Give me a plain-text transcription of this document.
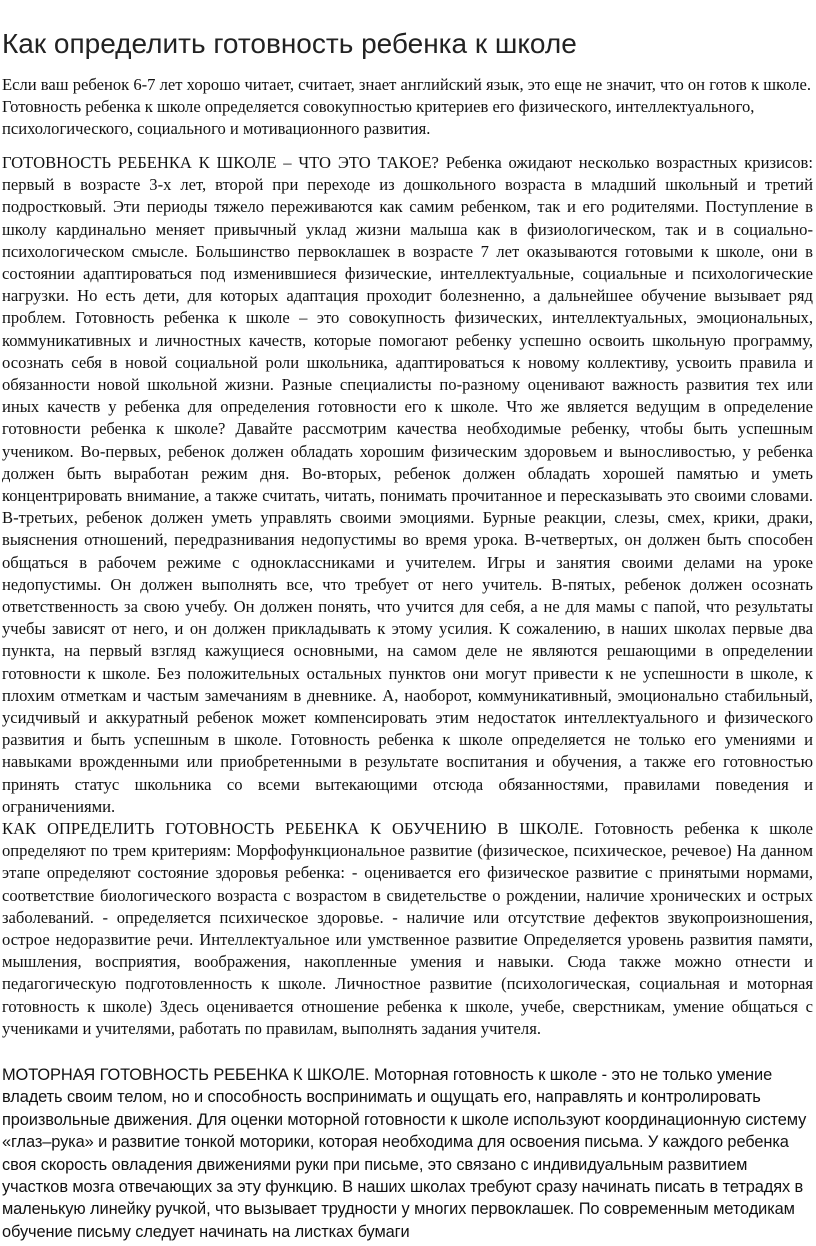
Как определить готовность ребенка к школе

Если ваш ребенок 6-7 лет хорошо читает, считает, знает английский язык, это еще не значит, что он готов к школе. Готовность ребенка к школе определяется совокупностью критериев его физического, интеллектуального, психологического, социального и мотивационного развития.

ГОТОВНОСТЬ РЕБЕНКА К ШКОЛЕ – ЧТО ЭТО ТАКОЕ? Ребенка ожидают несколько возрастных кризисов: первый в возрасте 3-х лет, второй при переходе из дошкольного возраста в младший школьный и третий подростковый. Эти периоды тяжело переживаются как самим ребенком, так и его родителями. Поступление в школу кардинально меняет привычный уклад жизни малыша как в физиологическом, так и в социально-психологическом смысле. Большинство первоклашек в возрасте 7 лет оказываются готовыми к школе, они в состоянии адаптироваться под изменившиеся физические, интеллектуальные, социальные и психологические нагрузки. Но есть дети, для которых адаптация проходит болезненно, а дальнейшее обучение вызывает ряд проблем. Готовность ребенка к школе – это совокупность физических, интеллектуальных, эмоциональных, коммуникативных и личностных качеств, которые помогают ребенку успешно освоить школьную программу, осознать себя в новой социальной роли школьника, адаптироваться к новому коллективу, усвоить правила и обязанности новой школьной жизни. Разные специалисты по-разному оценивают важность развития тех или иных качеств у ребенка для определения готовности его к школе. Что же является ведущим в определение готовности ребенка к школе? Давайте рассмотрим качества необходимые ребенку, чтобы быть успешным учеником. Во-первых, ребенок должен обладать хорошим физическим здоровьем и выносливостью, у ребенка должен быть выработан режим дня. Во-вторых, ребенок должен обладать хорошей памятью и уметь концентрировать внимание, а также считать, читать, понимать прочитанное и пересказывать это своими словами. В-третьих, ребенок должен уметь управлять своими эмоциями. Бурные реакции, слезы, смех, крики, драки, выяснения отношений, передразнивания недопустимы во время урока. В-четвертых, он должен быть способен общаться в рабочем режиме с одноклассниками и учителем. Игры и занятия своими делами на уроке недопустимы. Он должен выполнять все, что требует от него учитель. В-пятых, ребенок должен осознать ответственность за свою учебу. Он должен понять, что учится для себя, а не для мамы с папой, что результаты учебы зависят от него, и он должен прикладывать к этому усилия. К сожалению, в наших школах первые два пункта, на первый взгляд кажущиеся основными, на самом деле не являются решающими в определении готовности к школе. Без положительных остальных пунктов они могут привести к не успешности в школе, к плохим отметкам и частым замечаниям в дневнике. А, наоборот, коммуникативный, эмоционально стабильный, усидчивый и аккуратный ребенок может компенсировать этим недостаток интеллектуального и физического развития и быть успешным в школе. Готовность ребенка к школе определяется не только его умениями и навыками врожденными или приобретенными в результате воспитания и обучения, а также его готовностью принять статус школьника со всеми вытекающими отсюда обязанностями, правилами поведения и ограничениями.

КАК ОПРЕДЕЛИТЬ ГОТОВНОСТЬ РЕБЕНКА К ОБУЧЕНИЮ В ШКОЛЕ. Готовность ребенка к школе определяют по трем критериям: Морфофункциональное развитие (физическое, психическое, речевое) На данном этапе определяют состояние здоровья ребенка: - оценивается его физическое развитие с принятыми нормами, соответствие биологического возраста с возрастом в свидетельстве о рождении, наличие хронических и острых заболеваний. - определяется психическое здоровье. - наличие или отсутствие дефектов звукопроизношения, острое недоразвитие речи. Интеллектуальное или умственное развитие Определяется уровень развития памяти, мышления, восприятия, воображения, накопленные умения и навыки. Сюда также можно отнести и педагогическую подготовленность к школе. Личностное развитие (психологическая, социальная и моторная готовность к школе) Здесь оценивается отношение ребенка к школе, учебе, сверстникам, умение общаться с учениками и учителями, работать по правилам, выполнять задания учителя.

МОТОРНАЯ ГОТОВНОСТЬ РЕБЕНКА К ШКОЛЕ. Моторная готовность к школе - это не только умение владеть своим телом, но и способность воспринимать и ощущать его, направлять и контролировать произвольные движения. Для оценки моторной готовности к школе используют координационную систему «глаз–рука» и развитие тонкой моторики, которая необходима для освоения письма. У каждого ребенка своя скорость овладения движениями руки при письме, это связано с индивидуальным развитием участков мозга отвечающих за эту функцию. В наших школах требуют сразу начинать писать в тетрадях в маленькую линейку ручкой, что вызывает трудности у многих первоклашек. По современным методикам обучение письму следует начинать на листках бумаги
